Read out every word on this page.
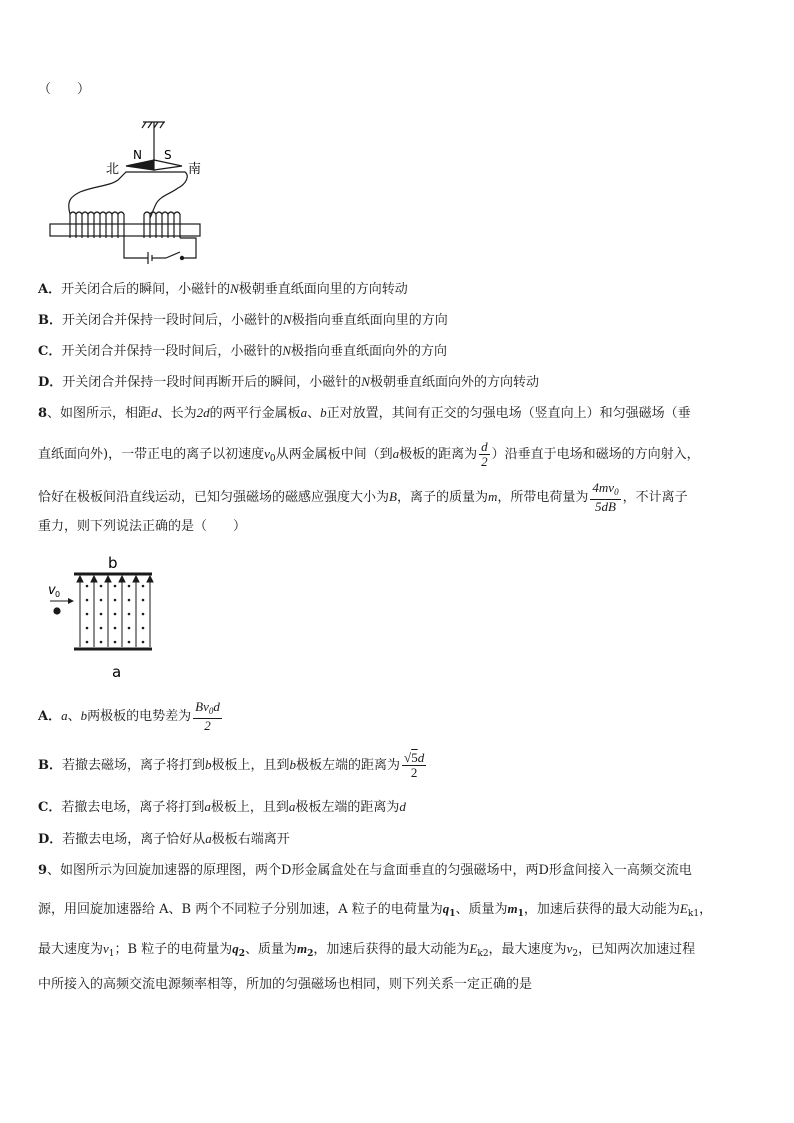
（　　）
北	南
N S
A．开关闭合后的瞬间，小磁针的N极朝垂直纸面向里的方向转动
B．开关闭合并保持一段时间后，小磁针的N极指向垂直纸面向里的方向
C．开关闭合并保持一段时间后，小磁针的N极指向垂直纸面向外的方向
D．开关闭合并保持一段时间再断开后的瞬间，小磁针的N极朝垂直纸面向外的方向转动
8、如图所示，相距d、长为2d的两平行金属板a、b正对放置，其间有正交的匀强电场（竖直向上）和匀强磁场（垂
直纸面向外)，一带正电的离子以初速度$v_0$从两金属板中间（到a极板的距离为 $\frac{d}{2}$ ）沿垂直于电场和磁场的方向射入，
恰好在极板间沿直线运动，已知匀强磁场的磁感应强度大小为B，离子的质量为m，所带电荷量为 $\frac{4mv_0}{5dB}$ ，不计离子
重力，则下列说法正确的是（　　）
b
v 0
a
A．a、b两极板的电势差为 $\frac{Bv_0d}{2}$
B．若撤去磁场，离子将打到b极板上，且到b极板左端的距离为 $\frac{√5d}{2}$
C．若撤去电场，离子将打到a极板上，且到a极板左端的距离为d
D．若撤去电场，离子恰好从a极板右端离开
9、如图所示为回旋加速器的原理图，两个D形金属盒处在与盒面垂直的匀强磁场中，两D形盒间接入一高频交流电
源，用回旋加速器给 A、B 两个不同粒子分别加速，A 粒子的电荷量为$q_1$、质量为$m_1$，加速后获得的最大动能为$E_{k1}$，
最大速度为$v_1$；B 粒子的电荷量为$q_2$、质量为$m_2$，加速后获得的最大动能为$E_{k2}$，最大速度为$v_2$，已知两次加速过程
中所接入的高频交流电源频率相等，所加的匀强磁场也相同，则下列关系一定正确的是
